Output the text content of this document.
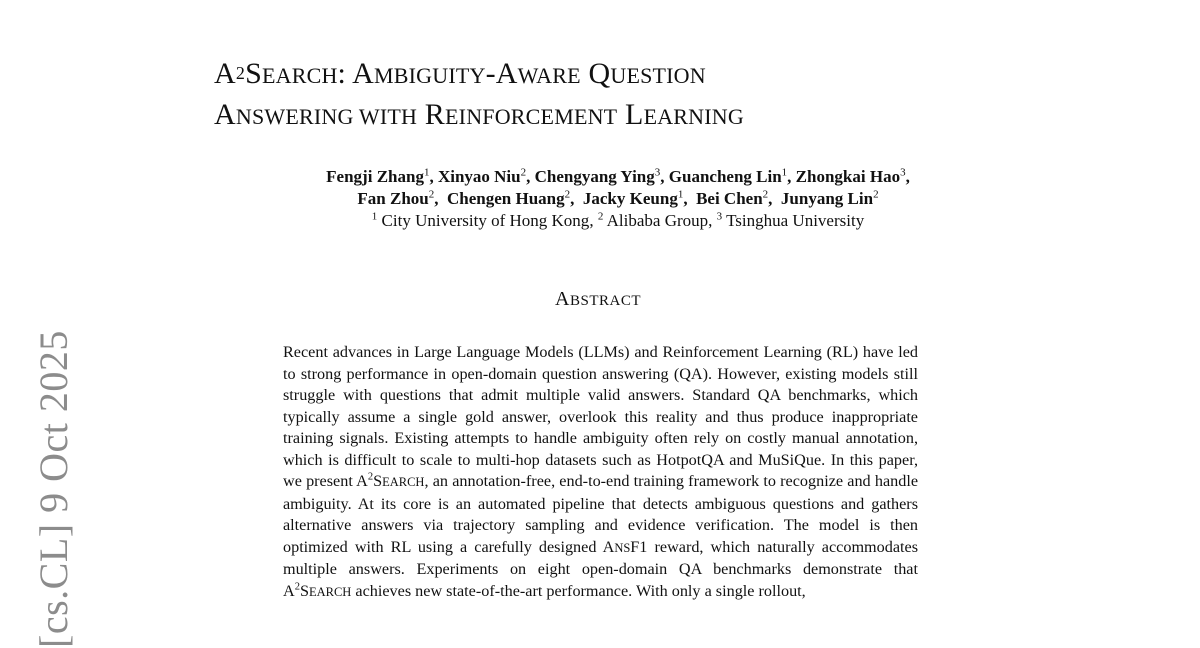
$A^2SEARCH$: AMBIGUITY-AWARE QUESTION
ANSWERING WITH REINFORCEMENT LEARNING
Fengji Zhang$^1$, Xinyao Niu$^2$, Chengyang Ying$^3$, Guancheng Lin$^1$, Zhongkai Hao$^3$,
Fan Zhou$^2$,  Chengen Huang$^2$,  Jacky Keung$^1$,  Bei Chen$^2$,  Junyang Lin$^2$
$^1$ City University of Hong Kong, $^2$ Alibaba Group, $^3$ Tsinghua University
ABSTRACT

Recent advances in Large Language Models (LLMs) and Reinforcement Learning (RL) have led to strong performance in open-domain question answering (QA). However, existing models still struggle with questions that admit multiple valid answers. Standard QA benchmarks, which typically assume a single gold answer, overlook this reality and thus produce inappropriate training signals. Existing attempts to handle ambiguity often rely on costly manual annotation, which is difficult to scale to multi-hop datasets such as HotpotQA and MuSiQue. In this paper, we present $A^2SEARCH$, an annotation-free, end-to-end training framework to recognize and handle ambiguity. At its core is an automated pipeline that detects ambiguous questions and gathers alternative answers via trajectory sampling and evidence verification. The model is then optimized with RL using a carefully designed ANSF1 reward, which naturally accommodates multiple answers. Experiments on eight open-domain QA benchmarks demonstrate that $A^2SEARCH$ achieves new state-of-the-art performance. With only a single rollout,

[cs.CL] 9 Oct 2025
